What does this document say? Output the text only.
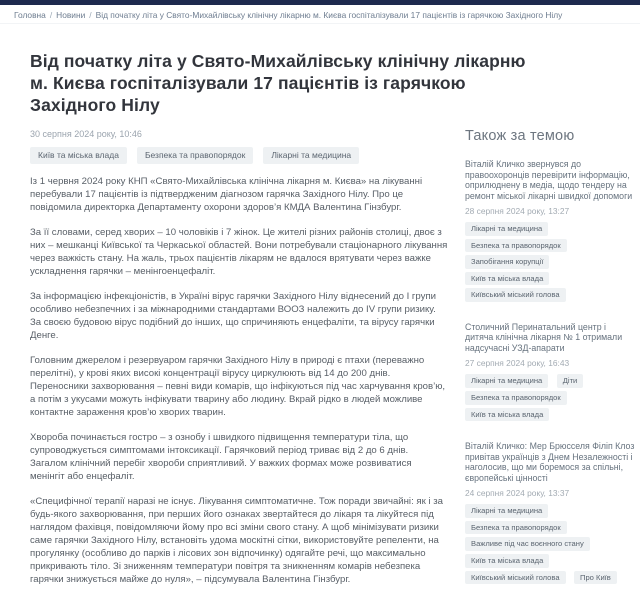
Головна / Новини / Від початку літа у Свято-Михайлівську клінічну лікарню м. Києва госпіталізували 17 пацієнтів із гарячкою Західного Нілу
Від початку літа у Свято-Михайлівську клінічну лікарню м. Києва госпіталізували 17 пацієнтів із гарячкою Західного Нілу
30 серпня 2024 року, 10:46
Київ та міська влада	Безпека та правопорядок	Лікарні та медицина

Із 1 червня 2024 року КНП «Свято-Михайлівська клінічна лікарня м. Києва» на лікуванні перебували 17 пацієнтів із підтвердженим діагнозом гарячка Західного Нілу. Про це повідомила директорка Департаменту охорони здоров’я КМДА Валентина Гінзбург.

За її словами, серед хворих – 10 чоловіків і 7 жінок. Це жителі різних районів столиці, двоє з них – мешканці Київської та Черкаської областей. Вони потребували стаціонарного лікування через важкість стану. На жаль, трьох пацієнтів лікарям не вдалося врятувати через важке ускладнення гарячки – менінгоенцефаліт.

За інформацією інфекціоністів, в Україні вірус гарячки Західного Нілу віднесений до І групи особливо небезпечних і за міжнародними стандартами ВООЗ належить до IV групи ризику. За своєю будовою вірус подібний до інших, що спричиняють енцефаліти, та вірусу гарячки Денге.

Головним джерелом і резервуаром гарячки Західного Нілу в природі є птахи (переважно перелітні), у крові яких високі концентрації вірусу циркулюють від 14 до 200 днів. Переносники захворювання – певні види комарів, що інфікуються під час харчування кров’ю, а потім з укусами можуть інфікувати тварину або людину. Вкрай рідко в людей можливе контактне зараження кров’ю хворих тварин.

Хвороба починається гостро – з ознобу і швидкого підвищення температури тіла, що супроводжується симптомами інтоксикації. Гарячковий період триває від 2 до 6 днів. Загалом клінічний перебіг хвороби сприятливий. У важких формах може розвиватися менінгіт або енцефаліт.

«Специфічної терапії наразі не існує. Лікування симптоматичне. Тож поради звичайні: як і за будь-якого захворювання, при перших його ознаках звертайтеся до лікаря та лікуйтеся під наглядом фахівця, повідомляючи йому про всі зміни свого стану. А щоб мінімізувати ризики саме гарячки Західного Нілу, встановіть удома москітні сітки, використовуйте репеленти, на прогулянку (особливо до парків і лісових зон відпочинку) одягайте речі, що максимально прикривають тіло. Зі зниженням температури повітря та зникненням комарів небезпека гарячки знижується майже до нуля», – підсумувала Валентина Гінзбург.

Також за темою
Віталій Кличко звернувся до правоохоронців перевірити інформацію, оприлюднену в медіа, щодо тендеру на ремонт міської лікарні швидкої допомоги
28 серпня 2024 року, 13:27
Лікарні та медицина Безпека та правопорядок Запобігання корупції Київ та міська влада Київський міський голова
Столичний Перинатальний центр і дитяча клінічна лікарня № 1 отримали надсучасні УЗД-апарати
27 серпня 2024 року, 16:43
Лікарні та медицина	Діти Безпека та правопорядок Київ та міська влада
Віталій Кличко: Мер Брюсселя Філіп Клоз привітав українців з Днем Незалежності і наголосив, що ми боремося за спільні, європейські цінності
24 серпня 2024 року, 13:37
Лікарні та медицина Безпека та правопорядок Важливе під час воєнного стану Київ та міська влада Київський міський голова	Про Київ
